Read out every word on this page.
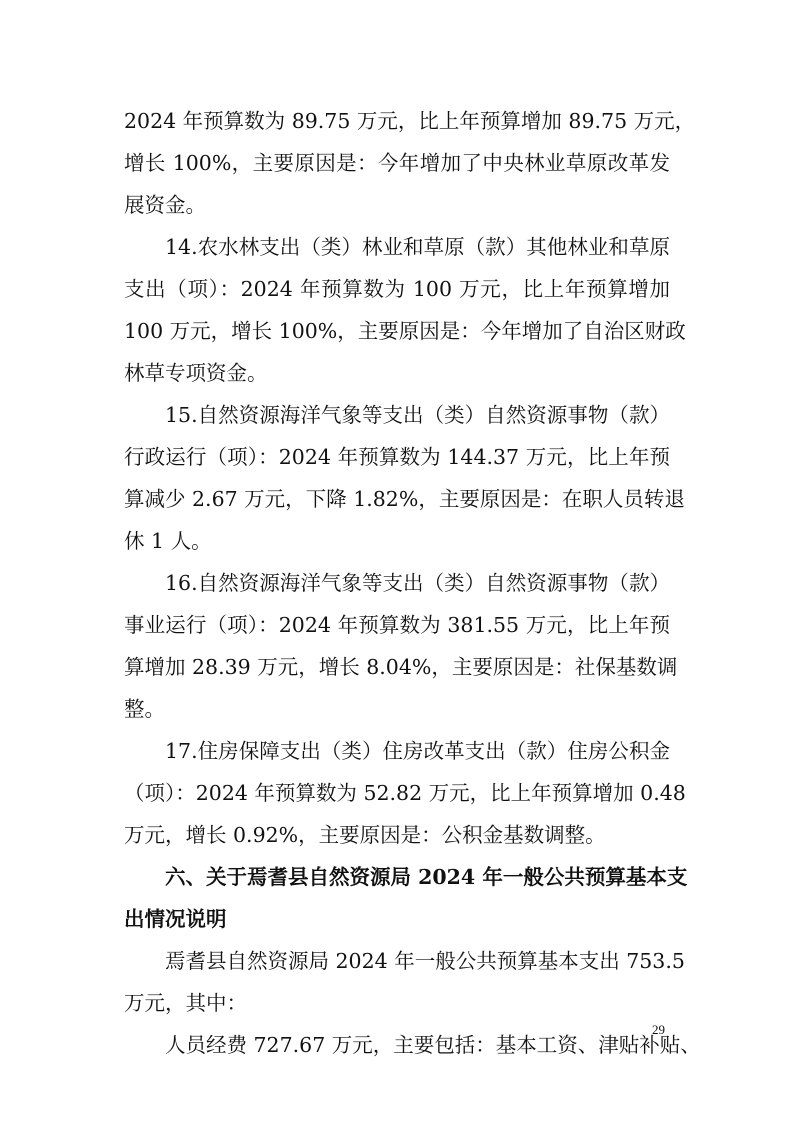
2024 年预算数为 89.75 万元，比上年预算增加 89.75 万元，
增长 100%，主要原因是：今年增加了中央林业草原改革发
展资金。
14.农水林支出（类）林业和草原（款）其他林业和草原
支出（项）：2024 年预算数为 100 万元，比上年预算增加
100 万元，增长 100%，主要原因是：今年增加了自治区财政
林草专项资金。
15.自然资源海洋气象等支出（类）自然资源事物（款）
行政运行（项）：2024 年预算数为 144.37 万元，比上年预
算减少 2.67 万元，下降 1.82%，主要原因是：在职人员转退
休 1 人。
16.自然资源海洋气象等支出（类）自然资源事物（款）
事业运行（项）：2024 年预算数为 381.55 万元，比上年预
算增加 28.39 万元，增长 8.04%，主要原因是：社保基数调
整。
17.住房保障支出（类）住房改革支出（款）住房公积金
（项）：2024 年预算数为 52.82 万元，比上年预算增加 0.48
万元，增长 0.92%，主要原因是：公积金基数调整。
六、关于焉耆县自然资源局 2024 年一般公共预算基本支
出情况说明
焉耆县自然资源局 2024 年一般公共预算基本支出 753.5
万元，其中：
人员经费 727.67 万元，主要包括：基本工资、津贴补贴、
29
